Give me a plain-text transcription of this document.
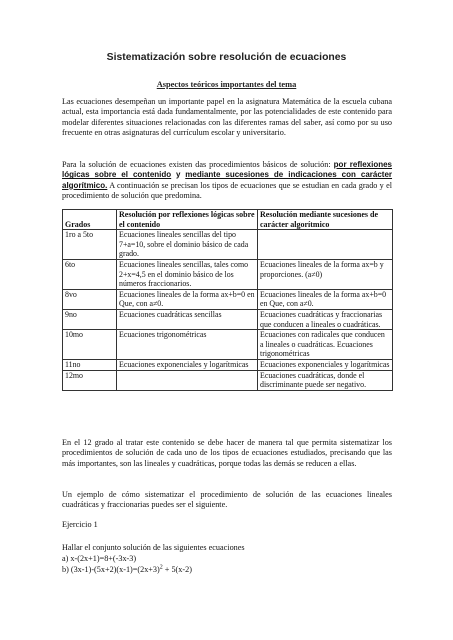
Sistematización sobre resolución de ecuaciones
Aspectos teóricos importantes del tema

Las ecuaciones desempeñan un importante papel en la asignatura Matemática de la escuela cubana actual, esta importancia está dada fundamentalmente, por las potencialidades de este contenido para modelar diferentes situaciones relacionadas con las diferentes ramas del saber, así como por su uso frecuente en otras asignaturas del currículum escolar y universitario.

Para la solución de ecuaciones existen das procedimientos básicos de solución: por reflexiones lógicas sobre el contenido y mediante sucesiones de indicaciones con carácter algorítmico. A continuación se precisan los tipos de ecuaciones que se estudian en cada grado y el procedimiento de solución que predomina.

Grados	Resolución por reflexiones lógicas sobre el contenido	Resolución mediante sucesiones de carácter algorítmico
1ro a 5to	Ecuaciones lineales sencillas del tipo 7+a=10, sobre el dominio básico de cada grado.	
6to	Ecuaciones lineales sencillas, tales como 2+x=4,5 en el dominio básico de los números fraccionarios.	Ecuaciones lineales de la forma ax=b y proporciones. (a≠0)
8vo	Ecuaciones lineales de la forma ax+b=0 en Que, con a≠0.	Ecuaciones lineales de la forma ax+b=0 en Que, con a≠0.
9no	Ecuaciones cuadráticas sencillas	Ecuaciones cuadráticas y fraccionarias que conducen a lineales o cuadráticas.
10mo	Ecuaciones trigonométricas	Ecuaciones con radicales que conducen a lineales o cuadráticas. Ecuaciones trigonométricas
11no	Ecuaciones exponenciales y logarítmicas	Ecuaciones exponenciales y logarítmicas
12mo		Ecuaciones cuadráticas, donde el discriminante puede ser negativo.

En el 12 grado al tratar este contenido se debe hacer de manera tal que permita sistematizar los procedimientos de solución de cada uno de los tipos de ecuaciones estudiados, precisando que las más importantes, son las lineales y cuadráticas, porque todas las demás se reducen a ellas.

Un ejemplo de cómo sistematizar el procedimiento de solución de las ecuaciones lineales cuadráticas y fraccionarias puedes ser el siguiente.

Ejercicio 1

Hallar el conjunto solución de las siguientes ecuaciones

a) x-(2x+1)=8+(-3x-3)
b) $(3x-1)-(5x+2)(x-1)=(2x+3)^2 + 5(x-2)$
